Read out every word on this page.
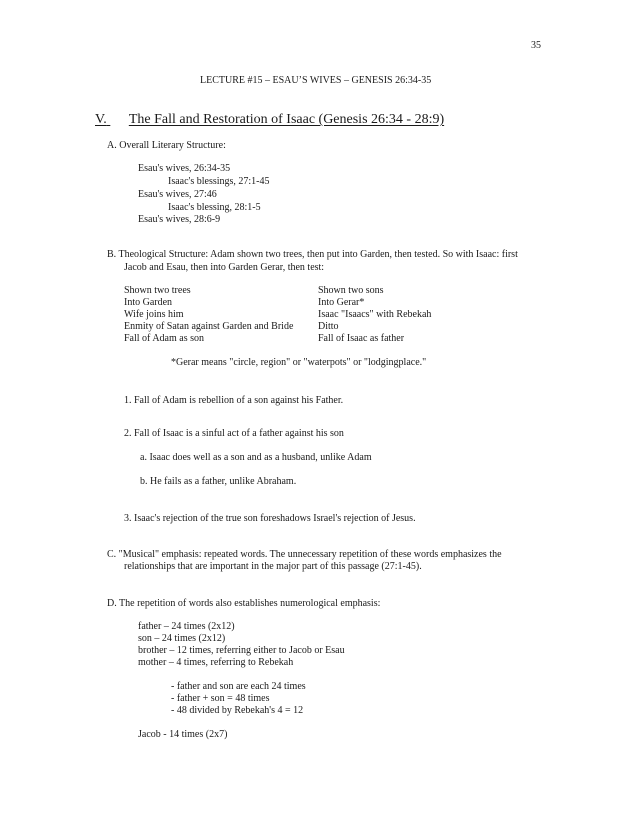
35
LECTURE #15 – ESAU’S WIVES – GENESIS 26:34-35
V. The Fall and Restoration of Isaac (Genesis 26:34 - 28:9)
A. Overall Literary Structure:
Esau's wives, 26:34-35
Isaac's blessings, 27:1-45
Esau's wives, 27:46
Isaac's blessing, 28:1-5
Esau's wives, 28:6-9
B. Theological Structure: Adam shown two trees, then put into Garden, then tested. So with Isaac: first
Jacob and Esau, then into Garden Gerar, then test:
Shown two trees
Into Garden
Wife joins him
Enmity of Satan against Garden and Bride
Fall of Adam as son
Shown two sons
Into Gerar*
Isaac "Isaacs" with Rebekah
Ditto
Fall of Isaac as father
*Gerar means "circle, region" or "waterpots" or "lodgingplace."
1. Fall of Adam is rebellion of a son against his Father.
2. Fall of Isaac is a sinful act of a father against his son
a. Isaac does well as a son and as a husband, unlike Adam
b. He fails as a father, unlike Abraham.
3. Isaac's rejection of the true son foreshadows Israel's rejection of Jesus.
C. "Musical" emphasis: repeated words. The unnecessary repetition of these words emphasizes the
relationships that are important in the major part of this passage (27:1-45).
D. The repetition of words also establishes numerological emphasis:
father – 24 times (2x12)
son – 24 times (2x12)
brother – 12 times, referring either to Jacob or Esau
mother – 4 times, referring to Rebekah
- father and son are each 24 times
- father + son = 48 times
- 48 divided by Rebekah's 4 = 12
Jacob - 14 times (2x7)
